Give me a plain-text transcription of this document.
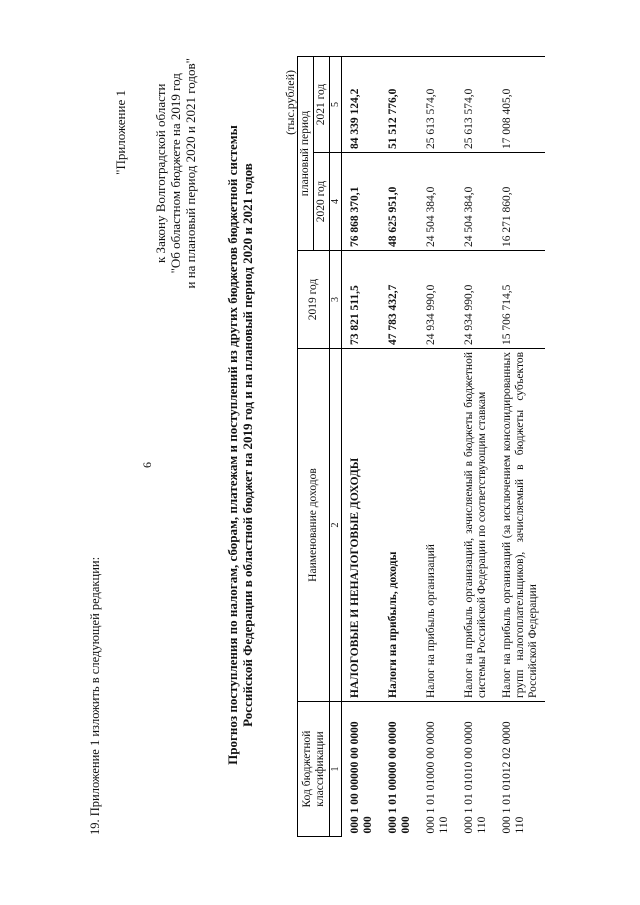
6
19. Приложение 1 изложить в следующей редакции:
"Приложение 1 к Закону Волгоградской области "Об областном бюджете на 2019 год и на плановый период 2020 и 2021 годов" Прогноз поступления по налогам, сборам, платежам и поступлений из других бюджетов бюджетной системы Российской Федерации в областной бюджет на 2019 год и на плановый период 2020 и 2021 годов
(тыс.рублей)
Код бюджетной классификации	Наименование доходов	2019 год	плановый период	
			2020 год	2021 год
1	2	3	4	5
000 1 00 00000 00 0000 000	НАЛОГОВЫЕ И НЕНАЛОГОВЫЕ ДОХОДЫ	73 821 511,5	76 868 370,1	84 339 124,2
000 1 01 00000 00 0000 000	Налоги на прибыль, доходы	47 783 432,7	48 625 951,0	51 512 776,0
000 1 01 01000 00 0000 110	Налог на прибыль организаций	24 934 990,0	24 504 384,0	25 613 574,0
000 1 01 01010 00 0000 110	Налог на прибыль организаций, зачисляемый в бюджеты бюджетной системы Российской Федерации по соответствующим ставкам	24 934 990,0	24 504 384,0	25 613 574,0
000 1 01 01012 02 0000 110	Налог на прибыль организаций (за исключением консолидированных групп налогоплательщиков), зачисляемый в бюджеты субъектов Российской Федерации	15 706 714,5	16 271 860,0	17 008 405,0
